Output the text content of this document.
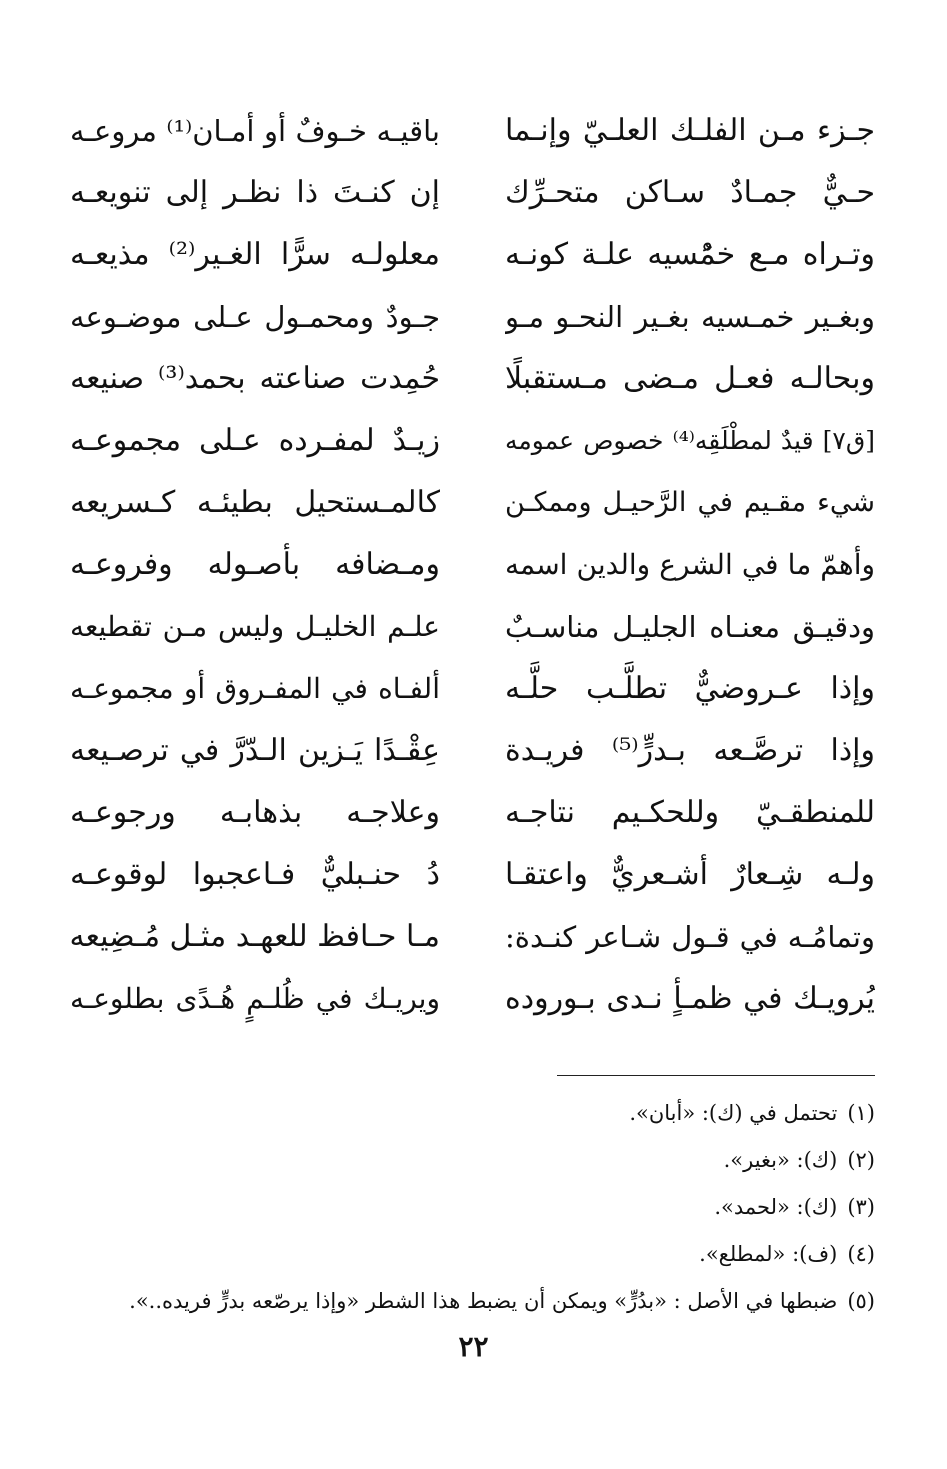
جـزء مـن الفلـك العلـيّ وإنـما
باقيـه خـوفٌ أو أمـان⁽¹⁾ مروعـه
حـيٌّ جمـادٌ سـاكن متحـرِّك
إن كنـتَ ذا نظـر إلى تنويعـه
وتـراه مـع خمُْسيه علـة كونـه
معلولـه سرًّا الغـير⁽²⁾ مذيعـه
وبغـير خمـسيه بغـير النحـو مـو
جـودٌ ومحمـول عـلى موضـوعه
وبحالـه فعـل مـضى مـستقبلًا
حُمِدت صناعته بحمد⁽³⁾ صنيعه
[ق٧] قيدٌ لمطْلَقِه⁽⁴⁾ خصوص عمومه
زيـدٌ لمفـرده عـلى مجموعـه
شيء مقـيم في الرَّحيـل وممكـن
كالمـستحيل بطيئـه كـسريعه
وأهمّ ما في الشرع والدين اسمه
ومـضافه بأصـوله وفروعـه
ودقيـق معنـاه الجليـل مناسـبٌ
علـم الخليـل وليس مـن تقطيعه
وإذا عـروضيٌّ تطلَّـب حلَّـه
ألفـاه في المفـروق أو مجموعـه
وإذا ترصَّـعه بـدرٍّ⁽⁵⁾ فريـدة
عِقْـدًا يَـزين الـدّرَّ في ترصـيعه
للمنطقـيّ وللحكـيم نتاجـه
وعلاجـه بذهابـه ورجوعـه
ولـه شِـعارٌ أشـعريٌّ واعتقـا
دُ حنـبليٌّ فـاعجبوا لوقوعـه
وتمامُـه في قـول شـاعر كنـدة:
مـا حـافظ للعهـد مثـل مُـضِيعه
يُرويـك في ظمـأٍ نـدى بـوروده
ويريـك في ظُلـمٍ هُـدًى بطلوعـه
(١)تحتمل في (ك): «أبان».
(٢)(ك): «بغير».
(٣)(ك): «لحمد».
(٤)(ف): «لمطلع».
(٥)ضبطها في الأصل : «بدُرٍّ» ويمكن أن يضبط هذا الشطر «وإذا يرصّعه بدرٍّ فريده..».
٢٢
